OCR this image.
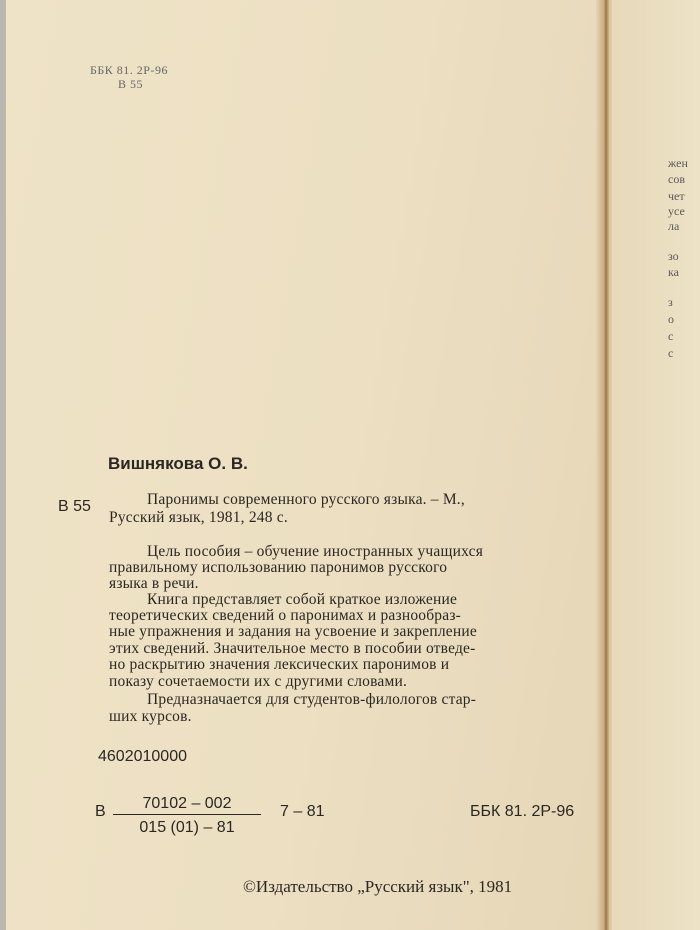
жен
сов
чет
усе
ла
зо
ка
з
о
с
с
ББК 81. 2Р-96
В 55
Вишнякова О. В.
В 55	Паронимы современного русского языка. – М.,
Русский язык, 1981, 248 с.
Цель пособия – обучение иностранных учащихся
правильному использованию паронимов русского
языка в речи.
Книга представляет собой краткое изложение
теоретических сведений о паронимах и разнообраз-
ные упражнения и задания на усвоение и закрепление
этих сведений. Значительное место в пособии отведе-
но раскрытию значения лексических паронимов и
показу сочетаемости их с другими словами.
Предназначается для студентов-филологов стар-
ших курсов.
4602010000
В $\frac{70102 - 002}{015 (01) - 81} 7 - 81$	ББК 81. 2Р-96
©Издательство „Русский язык", 1981
